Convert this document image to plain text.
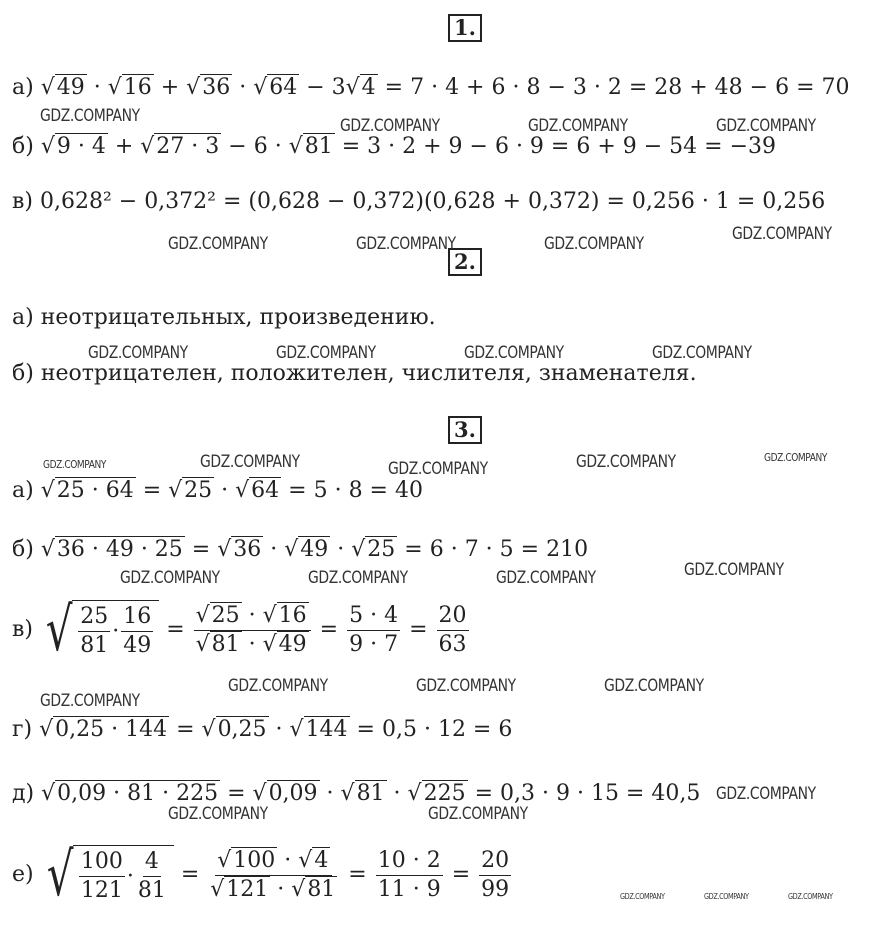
1.
2.
3.
а) √49 · √16 + √36 · √64 − 3√4 = 7 · 4 + 6 · 8 − 3 · 2 = 28 + 48 − 6 = 70
б) √9 · 4 + √27 · 3 − 6 · √81 = 3 · 2 + 9 − 6 · 9 = 6 + 9 − 54 = −39
в) 0,628² − 0,372² = (0,628 − 0,372)(0,628 + 0,372) = 0,256 · 1 = 0,256
а) неотрицательных, произведению.
б) неотрицателен, положителен, числителя, знаменателя.
а) √25 · 64 = √25 · √64 = 5 · 8 = 40
б) √36 · 49 · 25 = √36 · √49 · √25 = 6 · 7 · 5 = 210
в) √ $\frac{25}{81} \cdot \frac{16}{49} = \frac{√25 \cdot √16}{√81 \cdot √49} = \frac{5 \cdot 4}{9 \cdot 7} = \frac{20}{63}$
г) √0,25 · 144 = √0,25 · √144 = 0,5 · 12 = 6
д) √0,09 · 81 · 225 = √0,09 · √81 · √225 = 0,3 · 9 · 15 = 40,5
е) √ $\frac{100}{121} \cdot \frac{4}{81} = \frac{√100 \cdot √4}{√121 \cdot √81} = \frac{10 \cdot 2}{11 \cdot 9} = \frac{20}{99}$
GDZ.COMPANY	GDZ.COMPANY	GDZ.COMPANY	GDZ.COMPANY
GDZ.COMPANY	GDZ.COMPANY	GDZ.COMPANY	GDZ.COMPANY
GDZ.COMPANY	GDZ.COMPANY	GDZ.COMPANY	GDZ.COMPANY
GDZ.COMPANY	GDZ.COMPANY	GDZ.COMPANY	GDZ.COMPANY	GDZ.COMPANY
GDZ.COMPANY	GDZ.COMPANY	GDZ.COMPANY	GDZ.COMPANY
GDZ.COMPANY
GDZ.COMPANY	GDZ.COMPANY	GDZ.COMPANY
GDZ.COMPANY
GDZ.COMPANY	GDZ.COMPANY
GDZ.COMPANY	GDZ.COMPANY	GDZ.COMPANY
